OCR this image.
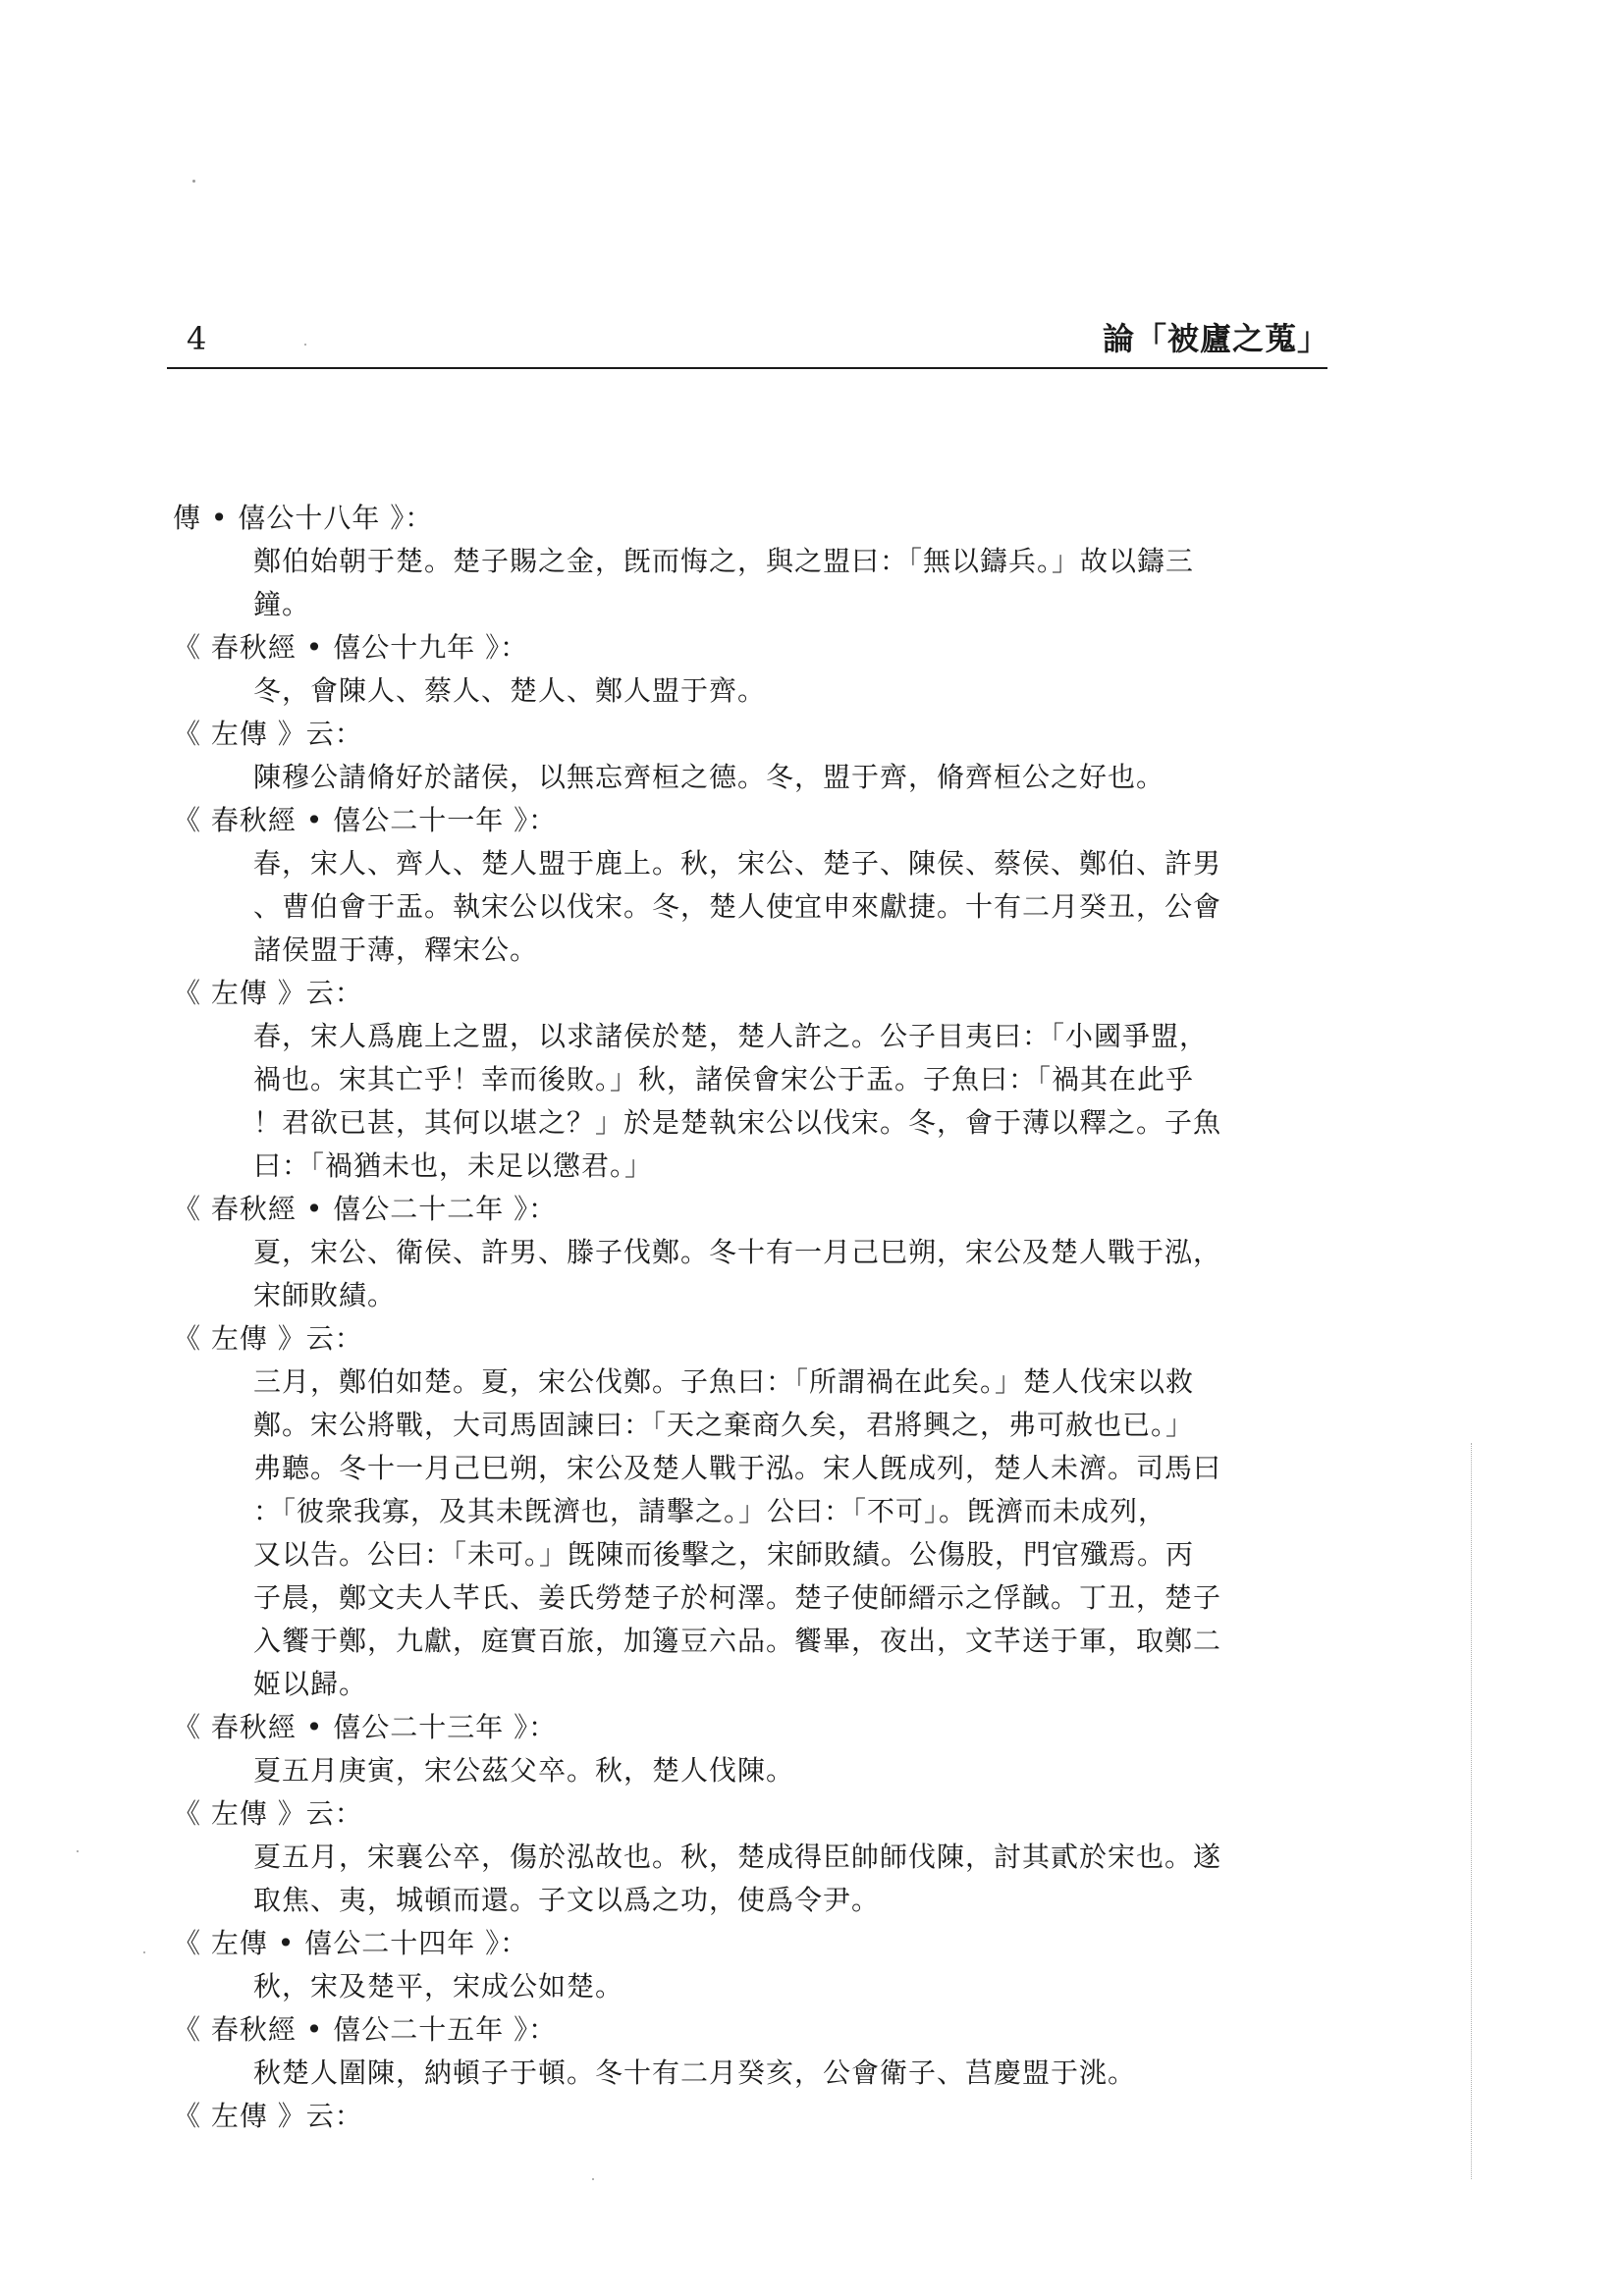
4	論「被廬之蒐」
傳 • 僖公十八年 》：
鄭伯始朝于楚。楚子賜之金，旣而悔之，與之盟曰：「無以鑄兵。」故以鑄三
鐘。
《 春秋經 • 僖公十九年 》：
冬，會陳人、蔡人、楚人、鄭人盟于齊。
《 左傳 》云：
陳穆公請脩好於諸侯，以無忘齊桓之德。冬，盟于齊，脩齊桓公之好也。
《 春秋經 • 僖公二十一年 》：
春，宋人、齊人、楚人盟于鹿上。秋，宋公、楚子、陳侯、蔡侯、鄭伯、許男
、曹伯會于盂。執宋公以伐宋。冬，楚人使宜申來獻捷。十有二月癸丑，公會
諸侯盟于薄，釋宋公。
《 左傳 》云：
春，宋人爲鹿上之盟，以求諸侯於楚，楚人許之。公子目夷曰：「小國爭盟，
禍也。宋其亡乎！幸而後敗。」秋，諸侯會宋公于盂。子魚曰：「禍其在此乎
！君欲已甚，其何以堪之？」於是楚執宋公以伐宋。冬，會于薄以釋之。子魚
曰：「禍猶未也，未足以懲君。」
《 春秋經 • 僖公二十二年 》：
夏，宋公、衛侯、許男、滕子伐鄭。冬十有一月己巳朔，宋公及楚人戰于泓，
宋師敗績。
《 左傳 》云：
三月，鄭伯如楚。夏，宋公伐鄭。子魚曰：「所謂禍在此矣。」楚人伐宋以救
鄭。宋公將戰，大司馬固諫曰：「天之棄商久矣，君將興之，弗可赦也已。」
弗聽。冬十一月己巳朔，宋公及楚人戰于泓。宋人旣成列，楚人未濟。司馬曰
：「彼衆我寡，及其未旣濟也，請擊之。」公曰：「不可」。旣濟而未成列，
又以告。公曰：「未可。」旣陳而後擊之，宋師敗績。公傷股，門官殲焉。丙
子晨，鄭文夫人芊氏、姜氏勞楚子於柯澤。楚子使師縉示之俘馘。丁丑，楚子
入饗于鄭，九獻，庭實百旅，加籩豆六品。饗畢，夜出，文芊送于軍，取鄭二
姬以歸。
《 春秋經 • 僖公二十三年 》：
夏五月庚寅，宋公茲父卒。秋，楚人伐陳。
《 左傳 》云：
夏五月，宋襄公卒，傷於泓故也。秋，楚成得臣帥師伐陳，討其貳於宋也。遂
取焦、夷，城頓而還。子文以爲之功，使爲令尹。
《 左傳 • 僖公二十四年 》：
秋，宋及楚平，宋成公如楚。
《 春秋經 • 僖公二十五年 》：
秋楚人圍陳，納頓子于頓。冬十有二月癸亥，公會衛子、莒慶盟于洮。
《 左傳 》云：
